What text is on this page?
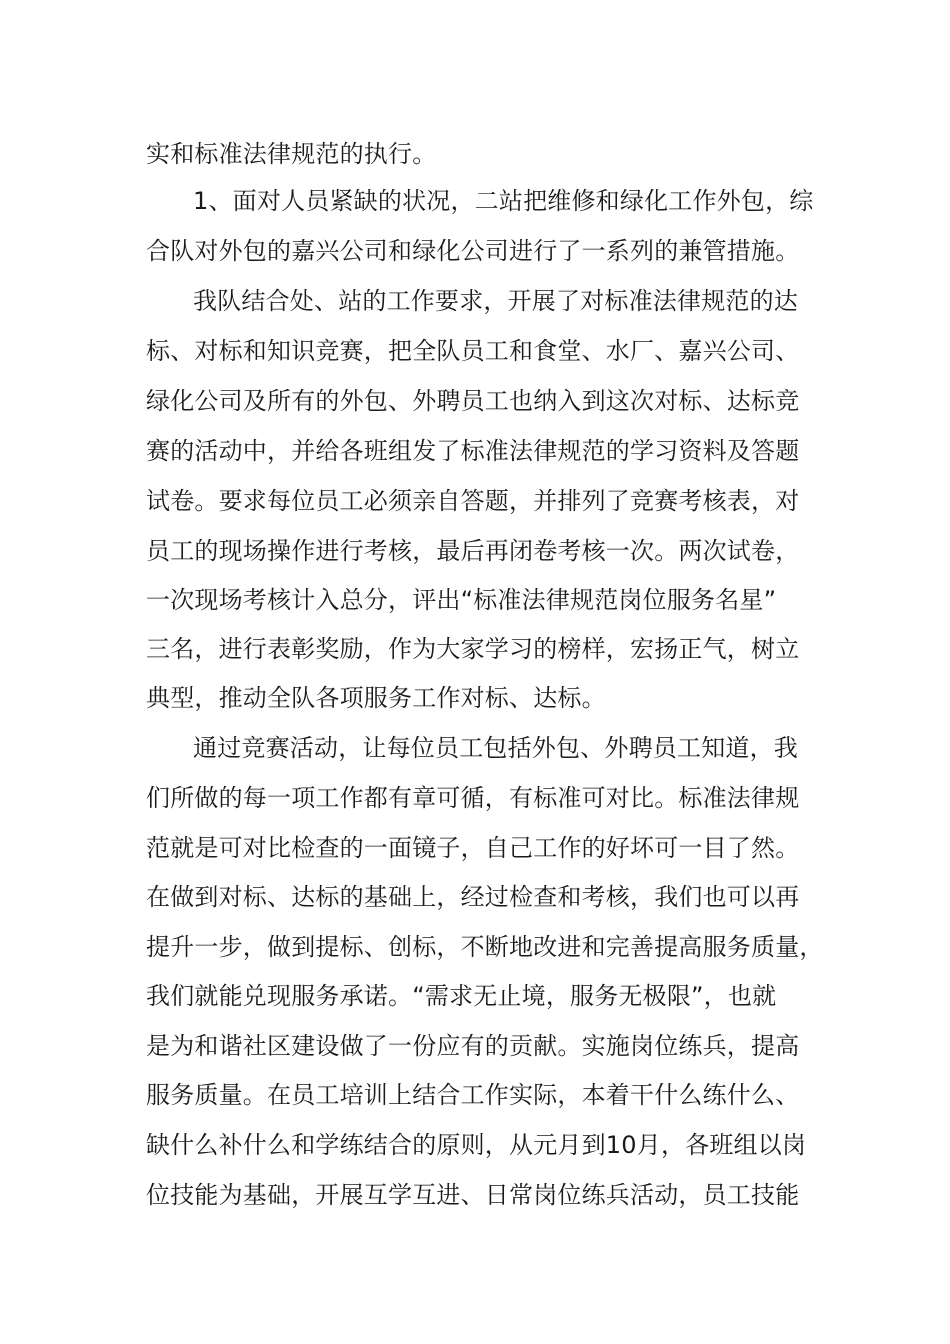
实和标准法律规范的执行。
1、面对人员紧缺的状况，二站把维修和绿化工作外包，综
合队对外包的嘉兴公司和绿化公司进行了一系列的兼管措施。
我队结合处、站的工作要求，开展了对标准法律规范的达
标、对标和知识竞赛，把全队员工和食堂、水厂、嘉兴公司、
绿化公司及所有的外包、外聘员工也纳入到这次对标、达标竞
赛的活动中，并给各班组发了标准法律规范的学习资料及答题
试卷。要求每位员工必须亲自答题，并排列了竞赛考核表，对
员工的现场操作进行考核，最后再闭卷考核一次。两次试卷，
一次现场考核计入总分，评出“标准法律规范岗位服务名星”
三名，进行表彰奖励，作为大家学习的榜样，宏扬正气，树立
典型，推动全队各项服务工作对标、达标。
通过竞赛活动，让每位员工包括外包、外聘员工知道，我
们所做的每一项工作都有章可循，有标准可对比。标准法律规
范就是可对比检查的一面镜子，自己工作的好坏可一目了然。
在做到对标、达标的基础上，经过检查和考核，我们也可以再
提升一步，做到提标、创标，不断地改进和完善提高服务质量，
我们就能兑现服务承诺。“需求无止境，服务无极限”，也就
是为和谐社区建设做了一份应有的贡献。实施岗位练兵，提高
服务质量。在员工培训上结合工作实际，本着干什么练什么、
缺什么补什么和学练结合的原则，从元月到10月，各班组以岗
位技能为基础，开展互学互进、日常岗位练兵活动，员工技能
